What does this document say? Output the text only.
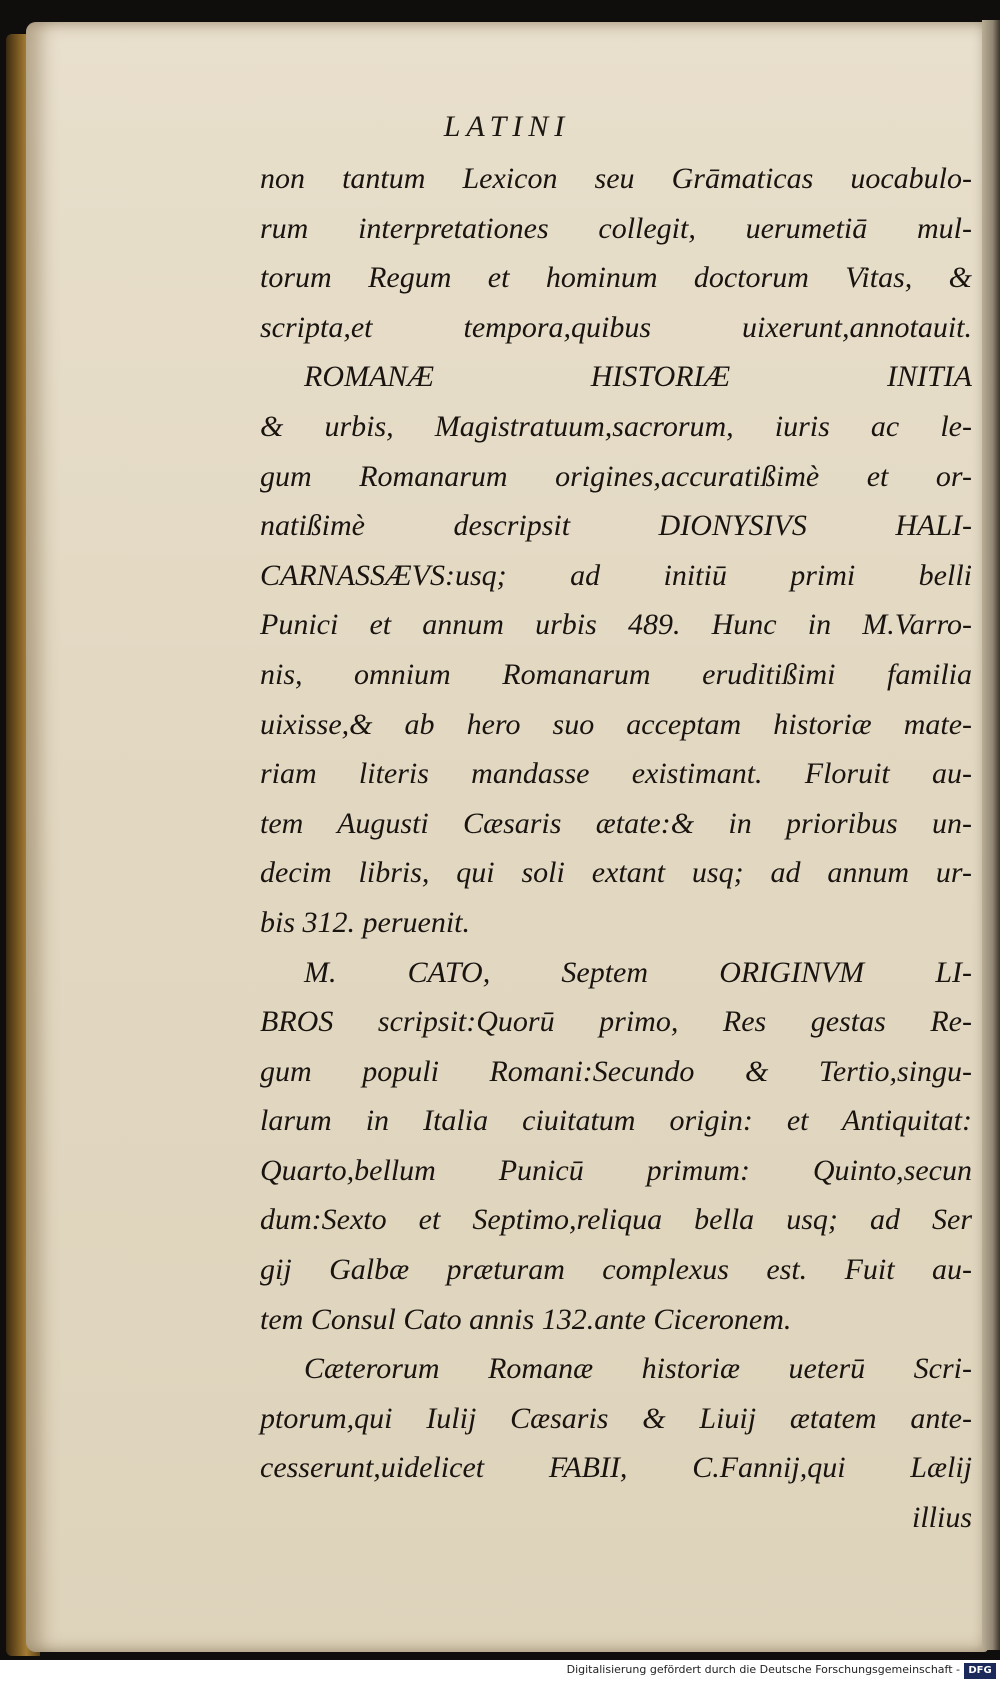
LATINI
non tantum Lexicon seu Grāmaticas uocabulo-
rum interpretationes collegit, uerumetiā mul-
torum Regum et hominum doctorum Vitas, &
scripta,et tempora,quibus uixerunt,annotauit.
ROMANÆ HISTORIÆ INITIA
& urbis, Magistratuum,sacrorum, iuris ac le-
gum Romanarum origines,accuratißimè et or-
natißimè descripsit DIONYSIVS HALI-
CARNASSÆVS:usq; ad initiū primi belli
Punici et annum urbis 489. Hunc in M.Varro-
nis, omnium Romanarum eruditißimi familia
uixisse,& ab hero suo acceptam historiæ mate-
riam literis mandasse existimant. Floruit au-
tem Augusti Cæsaris ætate:& in prioribus un-
decim libris, qui soli extant usq; ad annum ur-
bis 312. peruenit.
M. CATO, Septem ORIGINVM LI-
BROS scripsit:Quorū primo, Res gestas Re-
gum populi Romani:Secundo & Tertio,singu-
larum in Italia ciuitatum origin: et Antiquitat:
Quarto,bellum Punicū primum: Quinto,secun
dum:Sexto et Septimo,reliqua bella usq; ad Ser
gij Galbæ præturam complexus est. Fuit au-
tem Consul Cato annis 132.ante Ciceronem.
Cæterorum Romanæ historiæ ueterū Scri-
ptorum,qui Iulij Cæsaris & Liuij ætatem ante-
cesserunt,uidelicet FABII, C.Fannij,qui Lælij
illius
Digitalisierung gefördert durch die Deutsche Forschungsgemeinschaft - DFG
